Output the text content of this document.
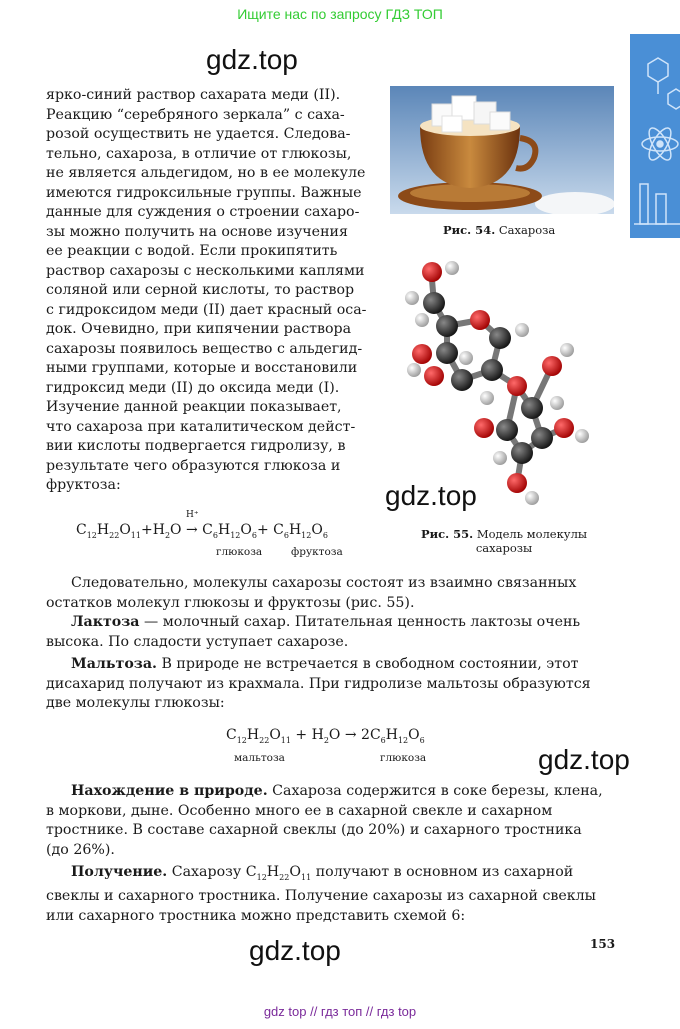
Ищите нас по запросу ГДЗ ТОП
gdz.top
gdz.top
gdz.top
gdz.top
ярко-синий раствор сахарата меди (II).
Реакцию “серебряного зеркала” с саха-
розой осуществить не удается. Следова-
тельно, сахароза, в отличие от глюкозы,
не является альдегидом, но в ее молекуле
имеются гидроксильные группы. Важные
данные для суждения о строении сахаро-
зы можно получить на основе изучения
ее реакции с водой. Если прокипятить
раствор сахарозы с несколькими каплями
соляной или серной кислоты, то раствор
с гидроксидом меди (II) дает красный оса-
док. Очевидно, при кипячении раствора
сахарозы появилось вещество с альдегид-
ными группами, которые и восстановили
гидроксид меди (II) до оксида меди (I).
Изучение данной реакции показывает,
что сахароза при каталитическом дейст-
вии кислоты подвергается гидролизу, в
результате чего образуются глюкоза и
фруктоза:
Рис. 54. Сахароза
Рис. 55. Модель молекулы
сахарозы
$C_{12}H_{22}O_{11}+H_2O$
H⁺
→ $C_6H_{12}O_6+ C_6H_{12}O_6$
глюкоза	фруктоза
Следовательно, молекулы сахарозы состоят из взаимно связанных
остатков молекул глюкозы и фруктозы (рис. 55).
Лактоза — молочный сахар. Питательная ценность лактозы очень
высока. По сладости уступает сахарозе.
Мальтоза. В природе не встречается в свободном состоянии, этот
дисахарид получают из крахмала. При гидролизе мальтозы образуются
две молекулы глюкозы:
$C_{12}H_{22}O_{11} + H_2O \to 2C_6H_{12}O_6$
мальтоза	глюкоза
Нахождение в природе. Сахароза содержится в соке березы, клена,
в моркови, дыне. Особенно много ее в сахарной свекле и сахарном
тростнике. В составе сахарной свеклы (до 20%) и сахарного тростника
(до 26%).
Получение. Сахарозу $C_{12}H_{22}O_{11}$ получают в основном из сахарной
свеклы и сахарного тростника. Получение сахарозы из сахарной свеклы
или сахарного тростника можно представить схемой 6:
153
gdz top // гдз топ // гдз top
